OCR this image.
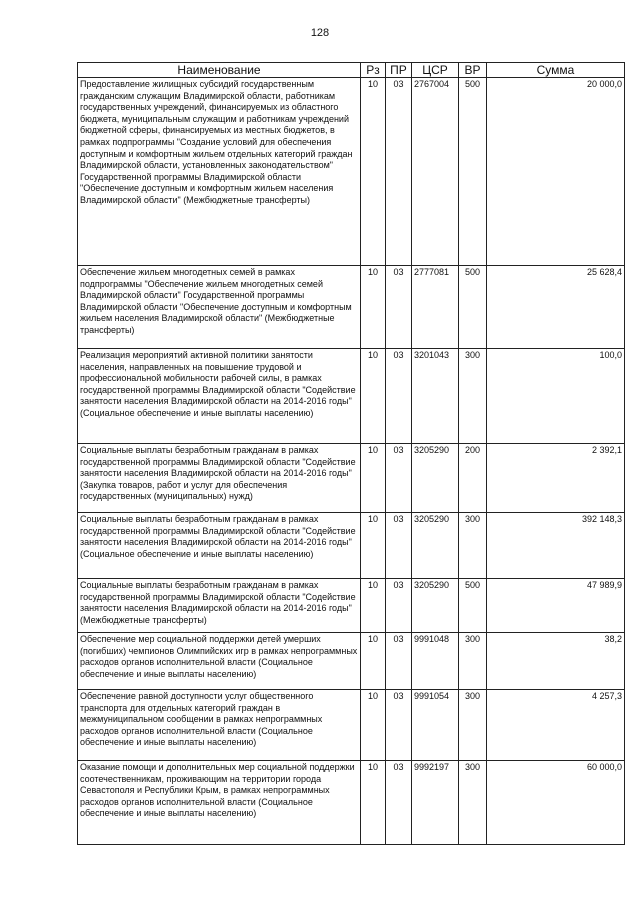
128
Наименование	Рз	ПР	ЦСР	ВР	Сумма
Предоставление жилищных субсидий государственным гражданским служащим Владимирской области, работникам государственных учреждений, финансируемых из областного бюджета, муниципальным служащим и работникам учреждений бюджетной сферы, финансируемых из местных бюджетов, в рамках подпрограммы "Создание условий для обеспечения доступным и комфортным жильем отдельных категорий граждан Владимирской области, установленных законодательством" Государственной программы Владимирской области "Обеспечение доступным и комфортным жильем населения Владимирской области" (Межбюджетные трансферты)	10	03	2767004	500	20 000,0
Обеспечение жильем многодетных семей в рамках подпрограммы "Обеспечение жильем многодетных семей Владимирской области" Государственной программы Владимирской области "Обеспечение доступным и комфортным жильем населения Владимирской области" (Межбюджетные трансферты)	10	03	2777081	500	25 628,4
Реализация мероприятий активной политики занятости населения, направленных на повышение трудовой и профессиональной мобильности рабочей силы, в рамках государственной программы Владимирской области "Содействие занятости населения Владимирской области на 2014-2016 годы" (Социальное обеспечение и иные выплаты населению)	10	03	3201043	300	100,0
Социальные выплаты безработным гражданам в рамках государственной программы Владимирской области "Содействие занятости населения Владимирской области на 2014-2016 годы" (Закупка товаров, работ и услуг для обеспечения государственных (муниципальных) нужд)	10	03	3205290	200	2 392,1
Социальные выплаты безработным гражданам в рамках государственной программы Владимирской области "Содействие занятости населения Владимирской области на 2014-2016 годы" (Социальное обеспечение и иные выплаты населению)	10	03	3205290	300	392 148,3
Социальные выплаты безработным гражданам в рамках государственной программы Владимирской области "Содействие занятости населения Владимирской области на 2014-2016 годы" (Межбюджетные трансферты)	10	03	3205290	500	47 989,9
Обеспечение мер социальной поддержки детей умерших (погибших) чемпионов Олимпийских игр в рамках непрограммных расходов органов исполнительной власти (Социальное обеспечение и иные выплаты населению)	10	03	9991048	300	38,2
Обеспечение равной доступности услуг общественного транспорта для отдельных категорий граждан в межмуниципальном сообщении в рамках непрограммных расходов органов исполнительной власти (Социальное обеспечение и иные выплаты населению)	10	03	9991054	300	4 257,3
Оказание помощи и дополнительных мер социальной поддержки соотечественникам, проживающим на территории города Севастополя и Республики Крым, в рамках непрограммных расходов органов исполнительной власти (Социальное обеспечение и иные выплаты населению)	10	03	9992197	300	60 000,0
